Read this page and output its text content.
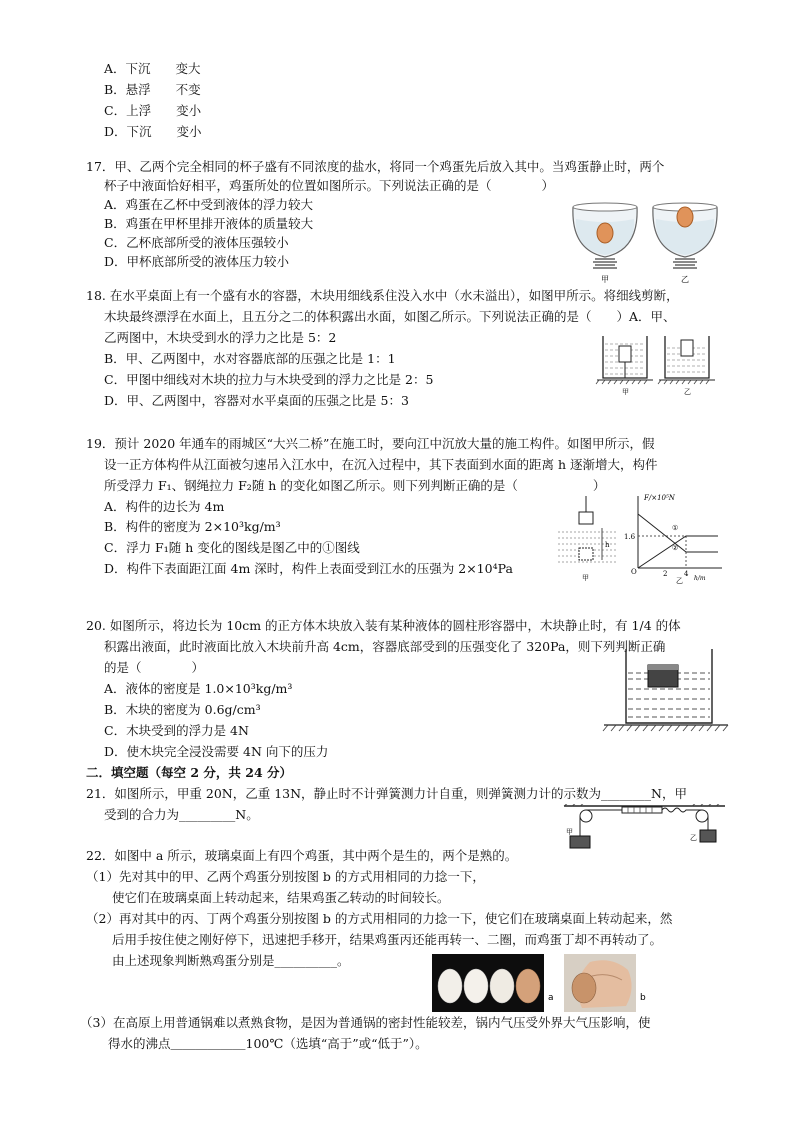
A．下沉　　变大
B．悬浮　　不变
C．上浮　　变小
D．下沉　　变小
17．甲、乙两个完全相同的杯子盛有不同浓度的盐水，将同一个鸡蛋先后放入其中。当鸡蛋静止时，两个
杯子中液面恰好相平，鸡蛋所处的位置如图所示。下列说法正确的是（　　　　）
A．鸡蛋在乙杯中受到液体的浮力较大
B．鸡蛋在甲杯里排开液体的质量较大
C．乙杯底部所受的液体压强较小
D．甲杯底部所受的液体压力较小
甲	乙
18. 在水平桌面上有一个盛有水的容器，木块用细线系住没入水中（水未溢出），如图甲所示。将细线剪断，
木块最终漂浮在水面上，且五分之二的体积露出水面，如图乙所示。下列说法正确的是（　　）A．甲、
乙两图中，木块受到水的浮力之比是 5：2
B．甲、乙两图中，水对容器底部的压强之比是 1：1
C．甲图中细线对木块的拉力与木块受到的浮力之比是 2：5
D．甲、乙两图中，容器对水平桌面的压强之比是 5：3
甲	乙
19．预计 2020 年通车的雨城区“大兴二桥”在施工时，要向江中沉放大量的施工构件。如图甲所示，假
设一正方体构件从江面被匀速吊入江水中，在沉入过程中，其下表面到水面的距离 h 逐渐增大，构件
所受浮力 F₁、钢绳拉力 F₂随 h 的变化如图乙所示。则下列判断正确的是（　　　　　　）
A．构件的边长为 4m
B．构件的密度为 2×10³kg/m³
C．浮力 F₁随 h 变化的图线是图乙中的①图线
D．构件下表面距江面 4m 深时，构件上表面受到江水的压强为 2×10⁴Pa
h
甲
F/×10⁵N
1.6
O	2 4
h/m
①
②
乙
20. 如图所示，将边长为 10cm 的正方体木块放入装有某种液体的圆柱形容器中，木块静止时，有 1/4 的体
积露出液面，此时液面比放入木块前升高 4cm，容器底部受到的压强变化了 320Pa，则下列判断正确
的是（　　　　）
A．液体的密度是 1.0×10³kg/m³
B．木块的密度为 0.6g/cm³
C．木块受到的浮力是 4N
D．使木块完全浸没需要 4N 向下的压力
二．填空题（每空 2 分，共 24 分）
21．如图所示，甲重 20N，乙重 13N，静止时不计弹簧测力计自重，则弹簧测力计的示数为________N，甲
受到的合力为_________N。
甲
乙
22．如图中 a 所示，玻璃桌面上有四个鸡蛋，其中两个是生的，两个是熟的。
（1）先对其中的甲、乙两个鸡蛋分别按图 b 的方式用相同的力捻一下，
使它们在玻璃桌面上转动起来，结果鸡蛋乙转动的时间较长。
（2）再对其中的丙、丁两个鸡蛋分别按图 b 的方式用相同的力捻一下，使它们在玻璃桌面上转动起来，然
后用手按住使之刚好停下，迅速把手移开，结果鸡蛋丙还能再转一、二圈，而鸡蛋丁却不再转动了。
由上述现象判断熟鸡蛋分别是__________。
（3）在高原上用普通锅难以煮熟食物，是因为普通锅的密封性能较差，锅内气压受外界大气压影响，使
得水的沸点＿＿＿＿＿＿100℃（选填“高于”或“低于”）。
a	b
